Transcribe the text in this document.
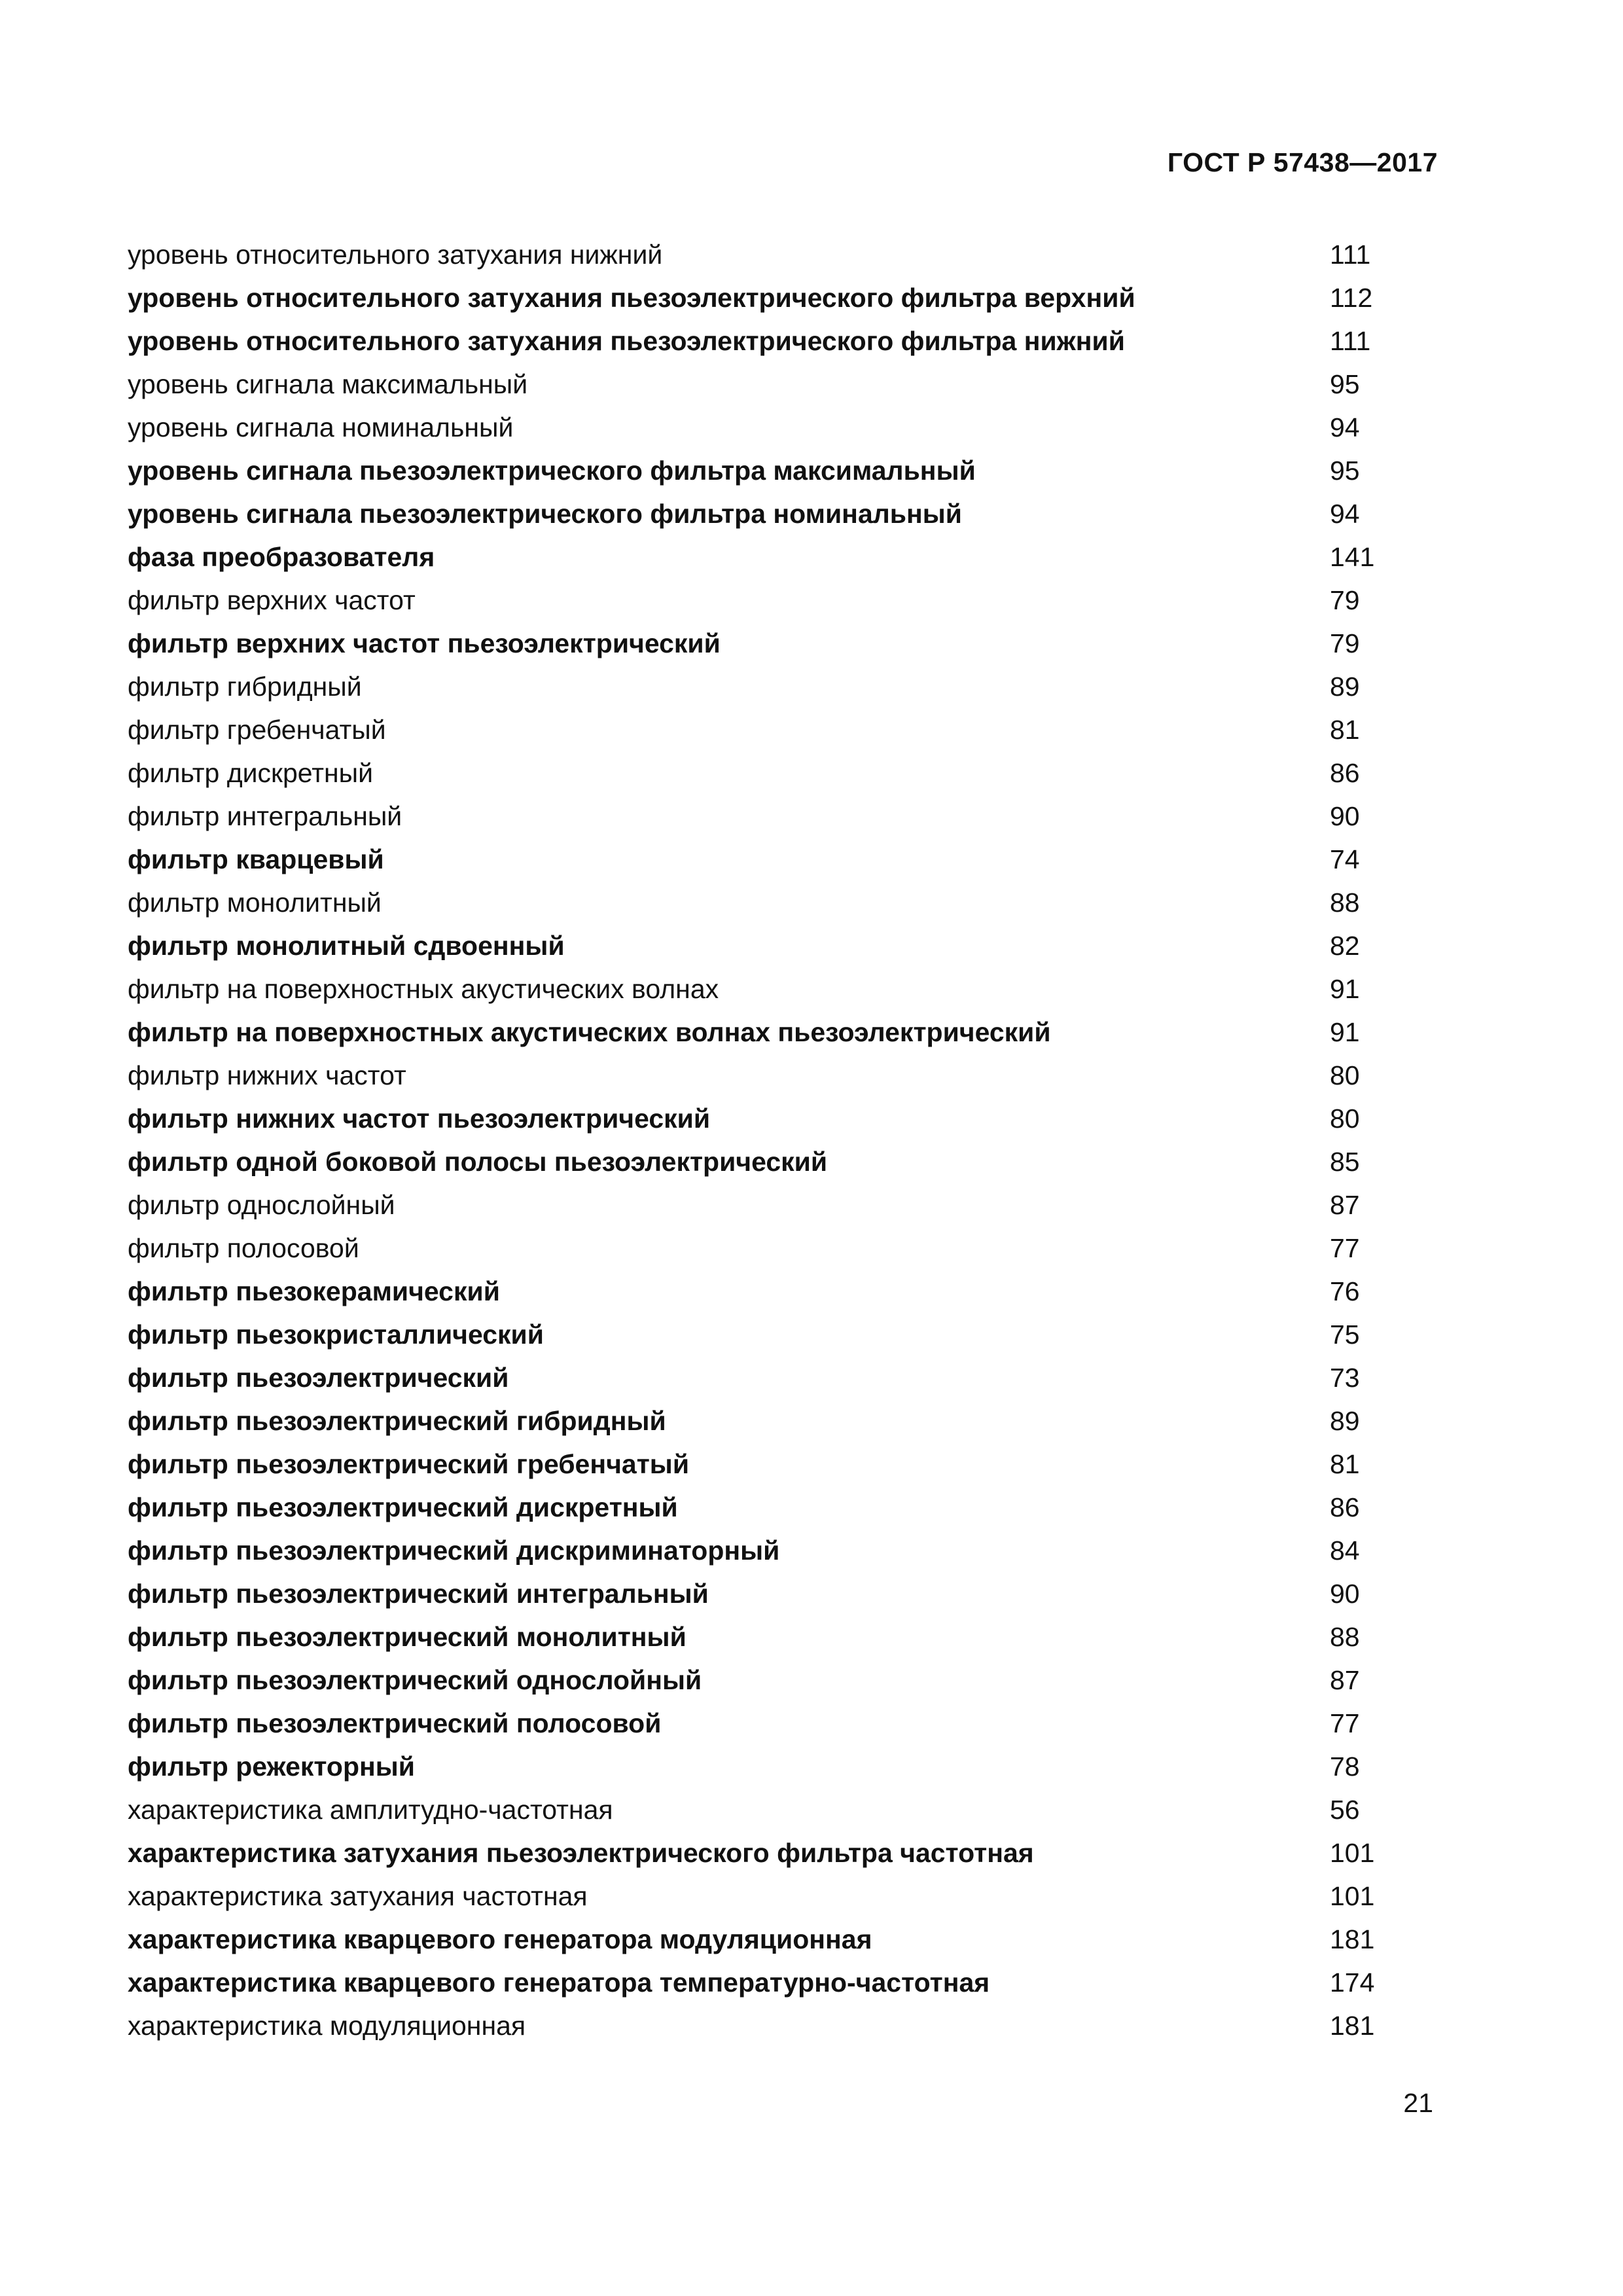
ГОСТ Р 57438—2017
уровень относительного затухания нижний	111
уровень относительного затухания пьезоэлектрического фильтра верхний	112
уровень относительного затухания пьезоэлектрического фильтра нижний	111
уровень сигнала максимальный	95
уровень сигнала номинальный	94
уровень сигнала пьезоэлектрического фильтра максимальный	95
уровень сигнала пьезоэлектрического фильтра номинальный	94
фаза преобразователя	141
фильтр верхних частот	79
фильтр верхних частот пьезоэлектрический	79
фильтр гибридный	89
фильтр гребенчатый	81
фильтр дискретный	86
фильтр интегральный	90
фильтр кварцевый	74
фильтр монолитный	88
фильтр монолитный сдвоенный	82
фильтр на поверхностных акустических волнах	91
фильтр на поверхностных акустических волнах пьезоэлектрический	91
фильтр нижних частот	80
фильтр нижних частот пьезоэлектрический	80
фильтр одной боковой полосы пьезоэлектрический	85
фильтр однослойный	87
фильтр полосовой	77
фильтр пьезокерамический	76
фильтр пьезокристаллический	75
фильтр пьезоэлектрический	73
фильтр пьезоэлектрический гибридный	89
фильтр пьезоэлектрический гребенчатый	81
фильтр пьезоэлектрический дискретный	86
фильтр пьезоэлектрический дискриминаторный	84
фильтр пьезоэлектрический интегральный	90
фильтр пьезоэлектрический монолитный	88
фильтр пьезоэлектрический однослойный	87
фильтр пьезоэлектрический полосовой	77
фильтр режекторный	78
характеристика амплитудно-частотная	56
характеристика затухания пьезоэлектрического фильтра частотная	101
характеристика затухания частотная	101
характеристика кварцевого генератора модуляционная	181
характеристика кварцевого генератора температурно-частотная	174
характеристика модуляционная	181
21
